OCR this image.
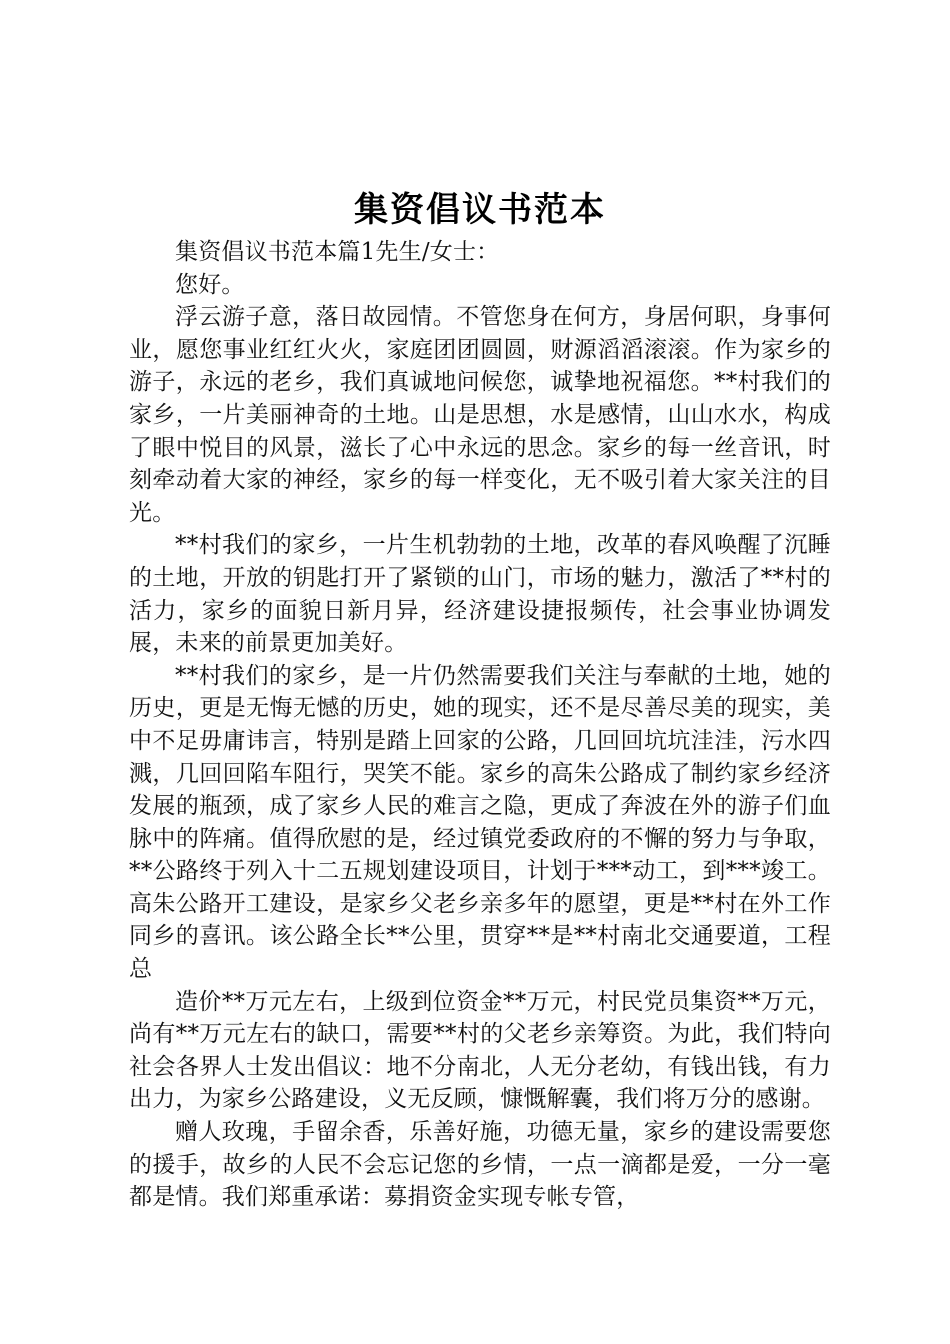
集资倡议书范本

集资倡议书范本篇1先生/女士：

您好。

浮云游子意，落日故园情。不管您身在何方，身居何职，身事何业，愿您事业红红火火，家庭团团圆圆，财源滔滔滚滚。作为家乡的游子，永远的老乡，我们真诚地问候您，诚挚地祝福您。**村我们的家乡，一片美丽神奇的土地。山是思想，水是感情，山山水水，构成了眼中悦目的风景，滋长了心中永远的思念。家乡的每一丝音讯，时刻牵动着大家的神经，家乡的每一样变化，无不吸引着大家关注的目光。

**村我们的家乡，一片生机勃勃的土地，改革的春风唤醒了沉睡的土地，开放的钥匙打开了紧锁的山门，市场的魅力，激活了**村的活力，家乡的面貌日新月异，经济建设捷报频传，社会事业协调发展，未来的前景更加美好。

**村我们的家乡，是一片仍然需要我们关注与奉献的土地，她的历史，更是无悔无憾的历史，她的现实，还不是尽善尽美的现实，美中不足毋庸讳言，特别是踏上回家的公路，几回回坑坑洼洼，污水四溅，几回回陷车阻行，哭笑不能。家乡的高朱公路成了制约家乡经济发展的瓶颈，成了家乡人民的难言之隐，更成了奔波在外的游子们血脉中的阵痛。值得欣慰的是，经过镇党委政府的不懈的努力与争取，**公路终于列入十二五规划建设项目，计划于***动工，到***竣工。高朱公路开工建设，是家乡父老乡亲多年的愿望，更是**村在外工作同乡的喜讯。该公路全长**公里，贯穿**是**村南北交通要道，工程总

造价**万元左右，上级到位资金**万元，村民党员集资**万元，尚有**万元左右的缺口，需要**村的父老乡亲筹资。为此，我们特向社会各界人士发出倡议：地不分南北，人无分老幼，有钱出钱，有力出力，为家乡公路建设，义无反顾，慷慨解囊，我们将万分的感谢。

赠人玫瑰，手留余香，乐善好施，功德无量，家乡的建设需要您的援手，故乡的人民不会忘记您的乡情，一点一滴都是爱，一分一毫都是情。我们郑重承诺：募捐资金实现专帐专管，
